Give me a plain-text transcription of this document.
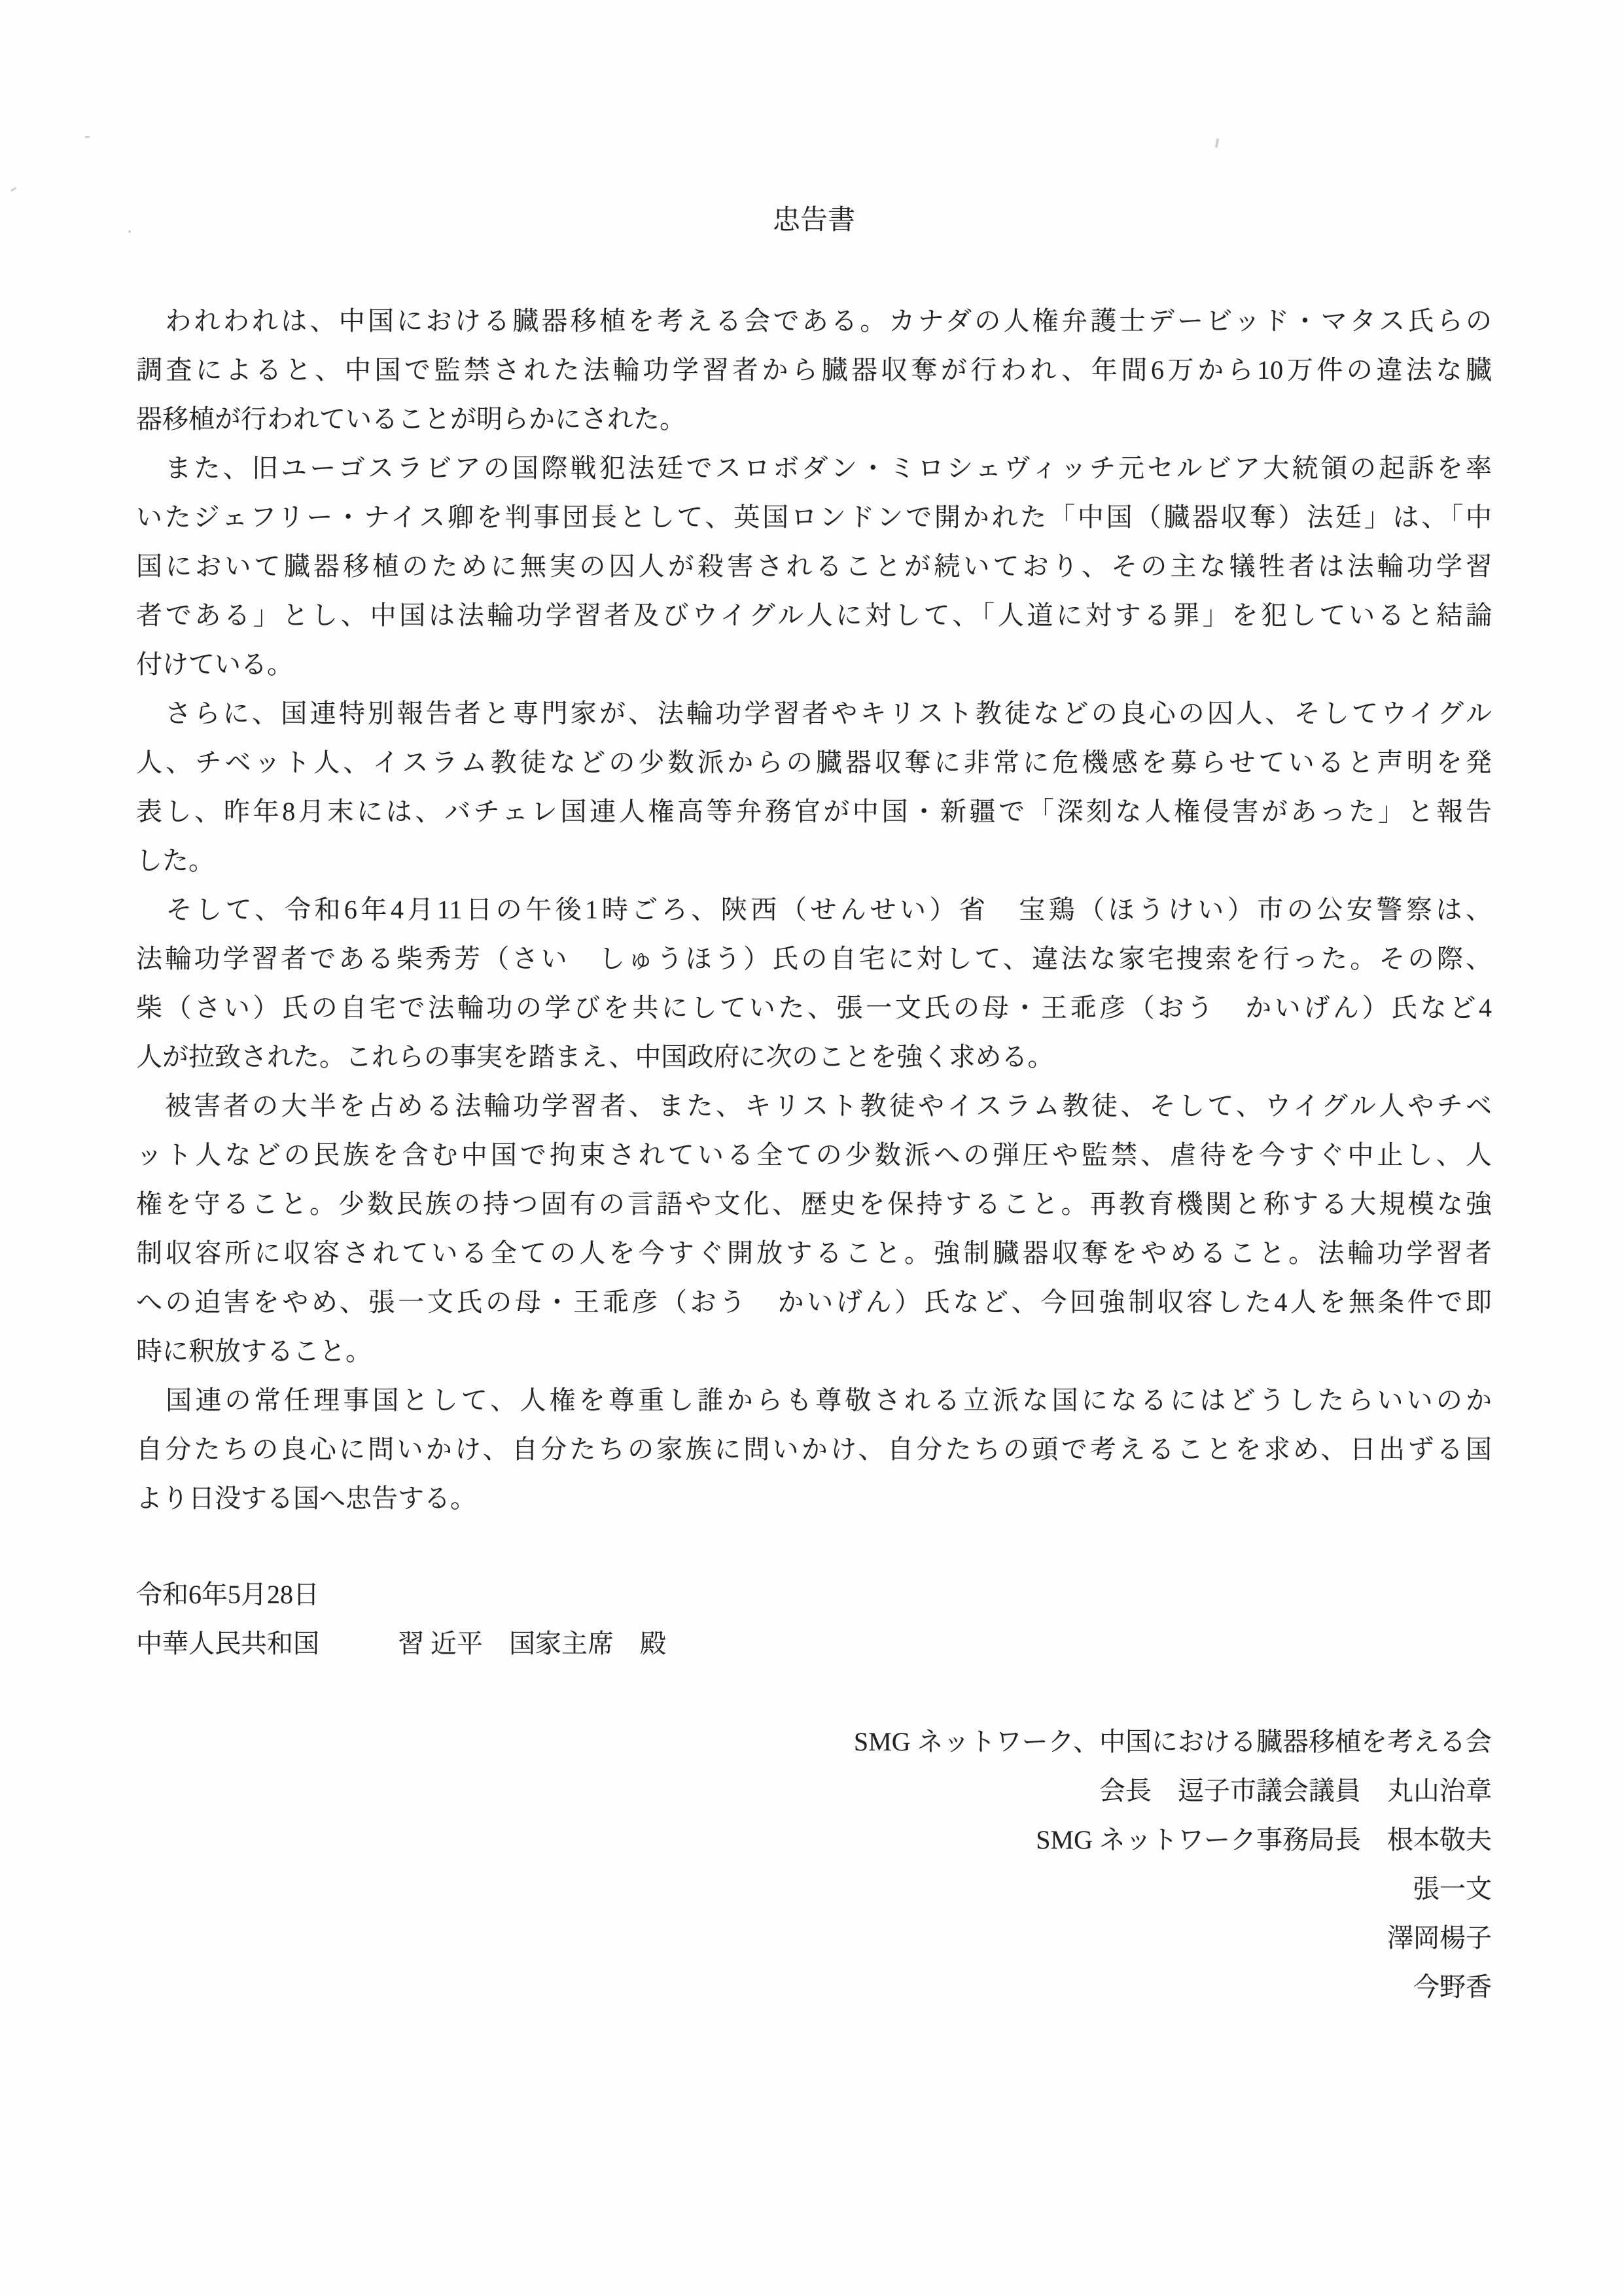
忠告書
　われわれは、中国における臓器移植を考える会である。カナダの人権弁護士デービッド・マタス氏らの
調査によると、中国で監禁された法輪功学習者から臓器収奪が行われ、年間6万から10万件の違法な臓
器移植が行われていることが明らかにされた。
　また、旧ユーゴスラビアの国際戦犯法廷でスロボダン・ミロシェヴィッチ元セルビア大統領の起訴を率
いたジェフリー・ナイス卿を判事団長として、英国ロンドンで開かれた「中国（臓器収奪）法廷」は、「中
国において臓器移植のために無実の囚人が殺害されることが続いており、その主な犠牲者は法輪功学習
者である」とし、中国は法輪功学習者及びウイグル人に対して、「人道に対する罪」を犯していると結論
付けている。
　さらに、国連特別報告者と専門家が、法輪功学習者やキリスト教徒などの良心の囚人、そしてウイグル
人、チベット人、イスラム教徒などの少数派からの臓器収奪に非常に危機感を募らせていると声明を発
表し、昨年8月末には、バチェレ国連人権高等弁務官が中国・新疆で「深刻な人権侵害があった」と報告
した。
　そして、令和6年4月11日の午後1時ごろ、陝西（せんせい）省　宝鶏（ほうけい）市の公安警察は、
法輪功学習者である柴秀芳（さい　しゅうほう）氏の自宅に対して、違法な家宅捜索を行った。その際、
柴（さい）氏の自宅で法輪功の学びを共にしていた、張一文氏の母・王乖彦（おう　かいげん）氏など4
人が拉致された。これらの事実を踏まえ、中国政府に次のことを強く求める。
　被害者の大半を占める法輪功学習者、また、キリスト教徒やイスラム教徒、そして、ウイグル人やチベ
ット人などの民族を含む中国で拘束されている全ての少数派への弾圧や監禁、虐待を今すぐ中止し、人
権を守ること。少数民族の持つ固有の言語や文化、歴史を保持すること。再教育機関と称する大規模な強
制収容所に収容されている全ての人を今すぐ開放すること。強制臓器収奪をやめること。法輪功学習者
への迫害をやめ、張一文氏の母・王乖彦（おう　かいげん）氏など、今回強制収容した4人を無条件で即
時に釈放すること。
　国連の常任理事国として、人権を尊重し誰からも尊敬される立派な国になるにはどうしたらいいのか
自分たちの良心に問いかけ、自分たちの家族に問いかけ、自分たちの頭で考えることを求め、日出ずる国
より日没する国へ忠告する。
令和6年5月28日
中華人民共和国　　　習 近平　国家主席　殿
SMG ネットワーク、中国における臓器移植を考える会
会長　逗子市議会議員　丸山治章
SMG ネットワーク事務局長　根本敬夫
張一文
澤岡楊子
今野香
